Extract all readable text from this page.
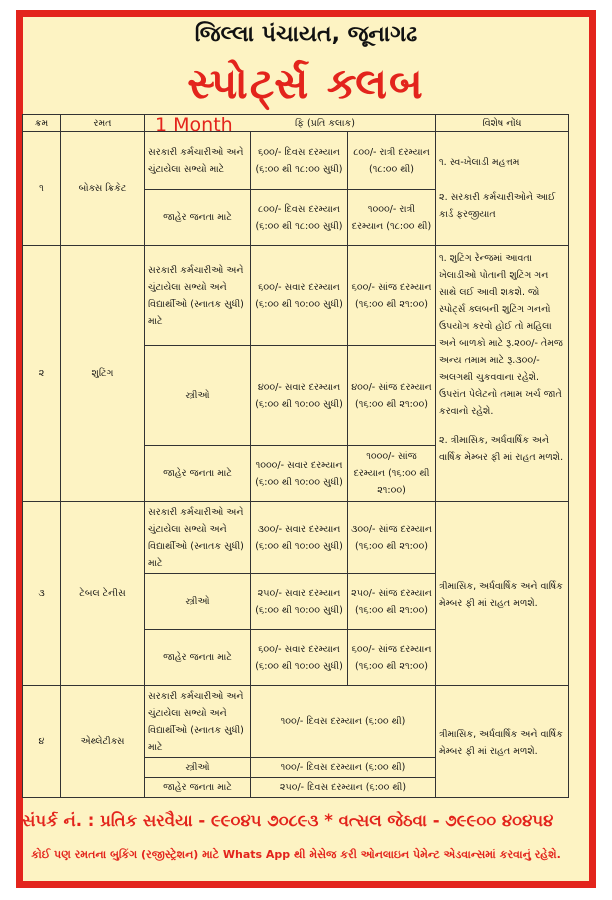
જિલ્લા પંચાયત, જૂનાગઢ
સ્પોર્ટ્સ ક્લબ
ક્રમ	રમત	ફિ (પ્રતિ કલાક)			વિશેષ નોંધ
૧	બોક્સ ક્રિકેટ	સરકારી કર્મચારીઓ અને ચુંટાયેલા સભ્યો માટે	૬૦૦/- દિવસ દરમ્યાન (૬:૦૦ થી ૧૮:૦૦ સુધી)	૮૦૦/- રાત્રી દરમ્યાન (૧૮:૦૦ થી)	૧. સ્વ-ખેલાડી મહત્તમ
૨. સરકારી કર્મચારીઓને આઈ કાર્ડ ફરજીયાત

		જાહેર જનતા માટે	૮૦૦/- દિવસ દરમ્યાન (૬:૦૦ થી ૧૮:૦૦ સુધી)	૧૦૦૦/- રાત્રી દરમ્યાન (૧૮:૦૦ થી)	
૨	શુટિંગ	સરકારી કર્મચારીઓ અને ચુંટાયેલા સભ્યો અને વિદ્યાર્થીઓ (સ્નાતક સુધી) માટે	૬૦૦/- સવાર દરમ્યાન (૬:૦૦ થી ૧૦:૦૦ સુધી)	૬૦૦/- સાંજ દરમ્યાન (૧૬:૦૦ થી ૨૧:૦૦)	૧. શુટિંગ રેન્જમાં આવતા ખેલાડીઓ પોતાની શુટિંગ ગન સાથે લઈ આવી શકશે. જો સ્પોર્ટ્સ ક્લબની શુટિંગ ગનનો ઉપયોગ કરવો હોઈ તો મહિલા અને બાળકો માટે રૂ.૨૦૦/- તેમજ અન્ય તમામ માટે રૂ.૩૦૦/- અલગથી ચુકવવાના રહેશે. ઉપરાંત પેલેટનો તમામ ખર્ચ જાતે કરવાનો રહેશે.
૨. ત્રીમાસિક, અર્ધવાર્ષિક અને વાર્ષિક મેમ્બર ફી માં રાહત મળશે.

		સ્ત્રીઓ	૪૦૦/- સવાર દરમ્યાન (૬:૦૦ થી ૧૦:૦૦ સુધી)	૪૦૦/- સાંજ દરમ્યાન (૧૬:૦૦ થી ૨૧:૦૦)	
		જાહેર જનતા માટે	૧૦૦૦/- સવાર દરમ્યાન (૬:૦૦ થી ૧૦:૦૦ સુધી)	૧૦૦૦/- સાંજ દરમ્યાન (૧૬:૦૦ થી ૨૧:૦૦)	
૩	ટેબલ ટેનીસ	સરકારી કર્મચારીઓ અને ચુંટાયેલા સભ્યો અને વિદ્યાર્થીઓ (સ્નાતક સુધી) માટે	૩૦૦/- સવાર દરમ્યાન (૬:૦૦ થી ૧૦:૦૦ સુધી)	૩૦૦/- સાંજ દરમ્યાન (૧૬:૦૦ થી ૨૧:૦૦)	ત્રીમાસિક, અર્ધવાર્ષિક અને વાર્ષિક મેમ્બર ફી માં રાહત મળશે.

		સ્ત્રીઓ	૨૫૦/- સવાર દરમ્યાન (૬:૦૦ થી ૧૦:૦૦ સુધી)	૨૫૦/- સાંજ દરમ્યાન (૧૬:૦૦ થી ૨૧:૦૦)	
		જાહેર જનતા માટે	૬૦૦/- સવાર દરમ્યાન (૬:૦૦ થી ૧૦:૦૦ સુધી)	૬૦૦/- સાંજ દરમ્યાન (૧૬:૦૦ થી ૨૧:૦૦)	
૪	એથ્લેટીક્સ	સરકારી કર્મચારીઓ અને ચુંટાયેલા સભ્યો અને વિદ્યાર્થીઓ (સ્નાતક સુધી) માટે	૧૦૦/- દિવસ દરમ્યાન (૬:૦૦ થી)		ત્રીમાસિક, અર્ધવાર્ષિક અને વાર્ષિક મેમ્બર ફી માં રાહત મળશે.

		સ્ત્રીઓ	૧૦૦/- દિવસ દરમ્યાન (૬:૦૦ થી)		
		જાહેર જનતા માટે	૨૫૦/- દિવસ દરમ્યાન (૬:૦૦ થી)		
1 Month
સંપર્ક નં. : પ્રતિક સરવૈયા - ૯૯૦૪૫ ૭૦૮૯૩ * વત્સલ જેઠવા - ૭૯૯૦૦ ૪૦૪૫૪
કોઈ પણ રમતના બુકિંગ (રજીસ્ટ્રેશન) માટે Whats App થી મેસેજ કરી ઓનલાઇન પેમેન્ટ એડવાન્સમાં કરવાનું રહેશે.
